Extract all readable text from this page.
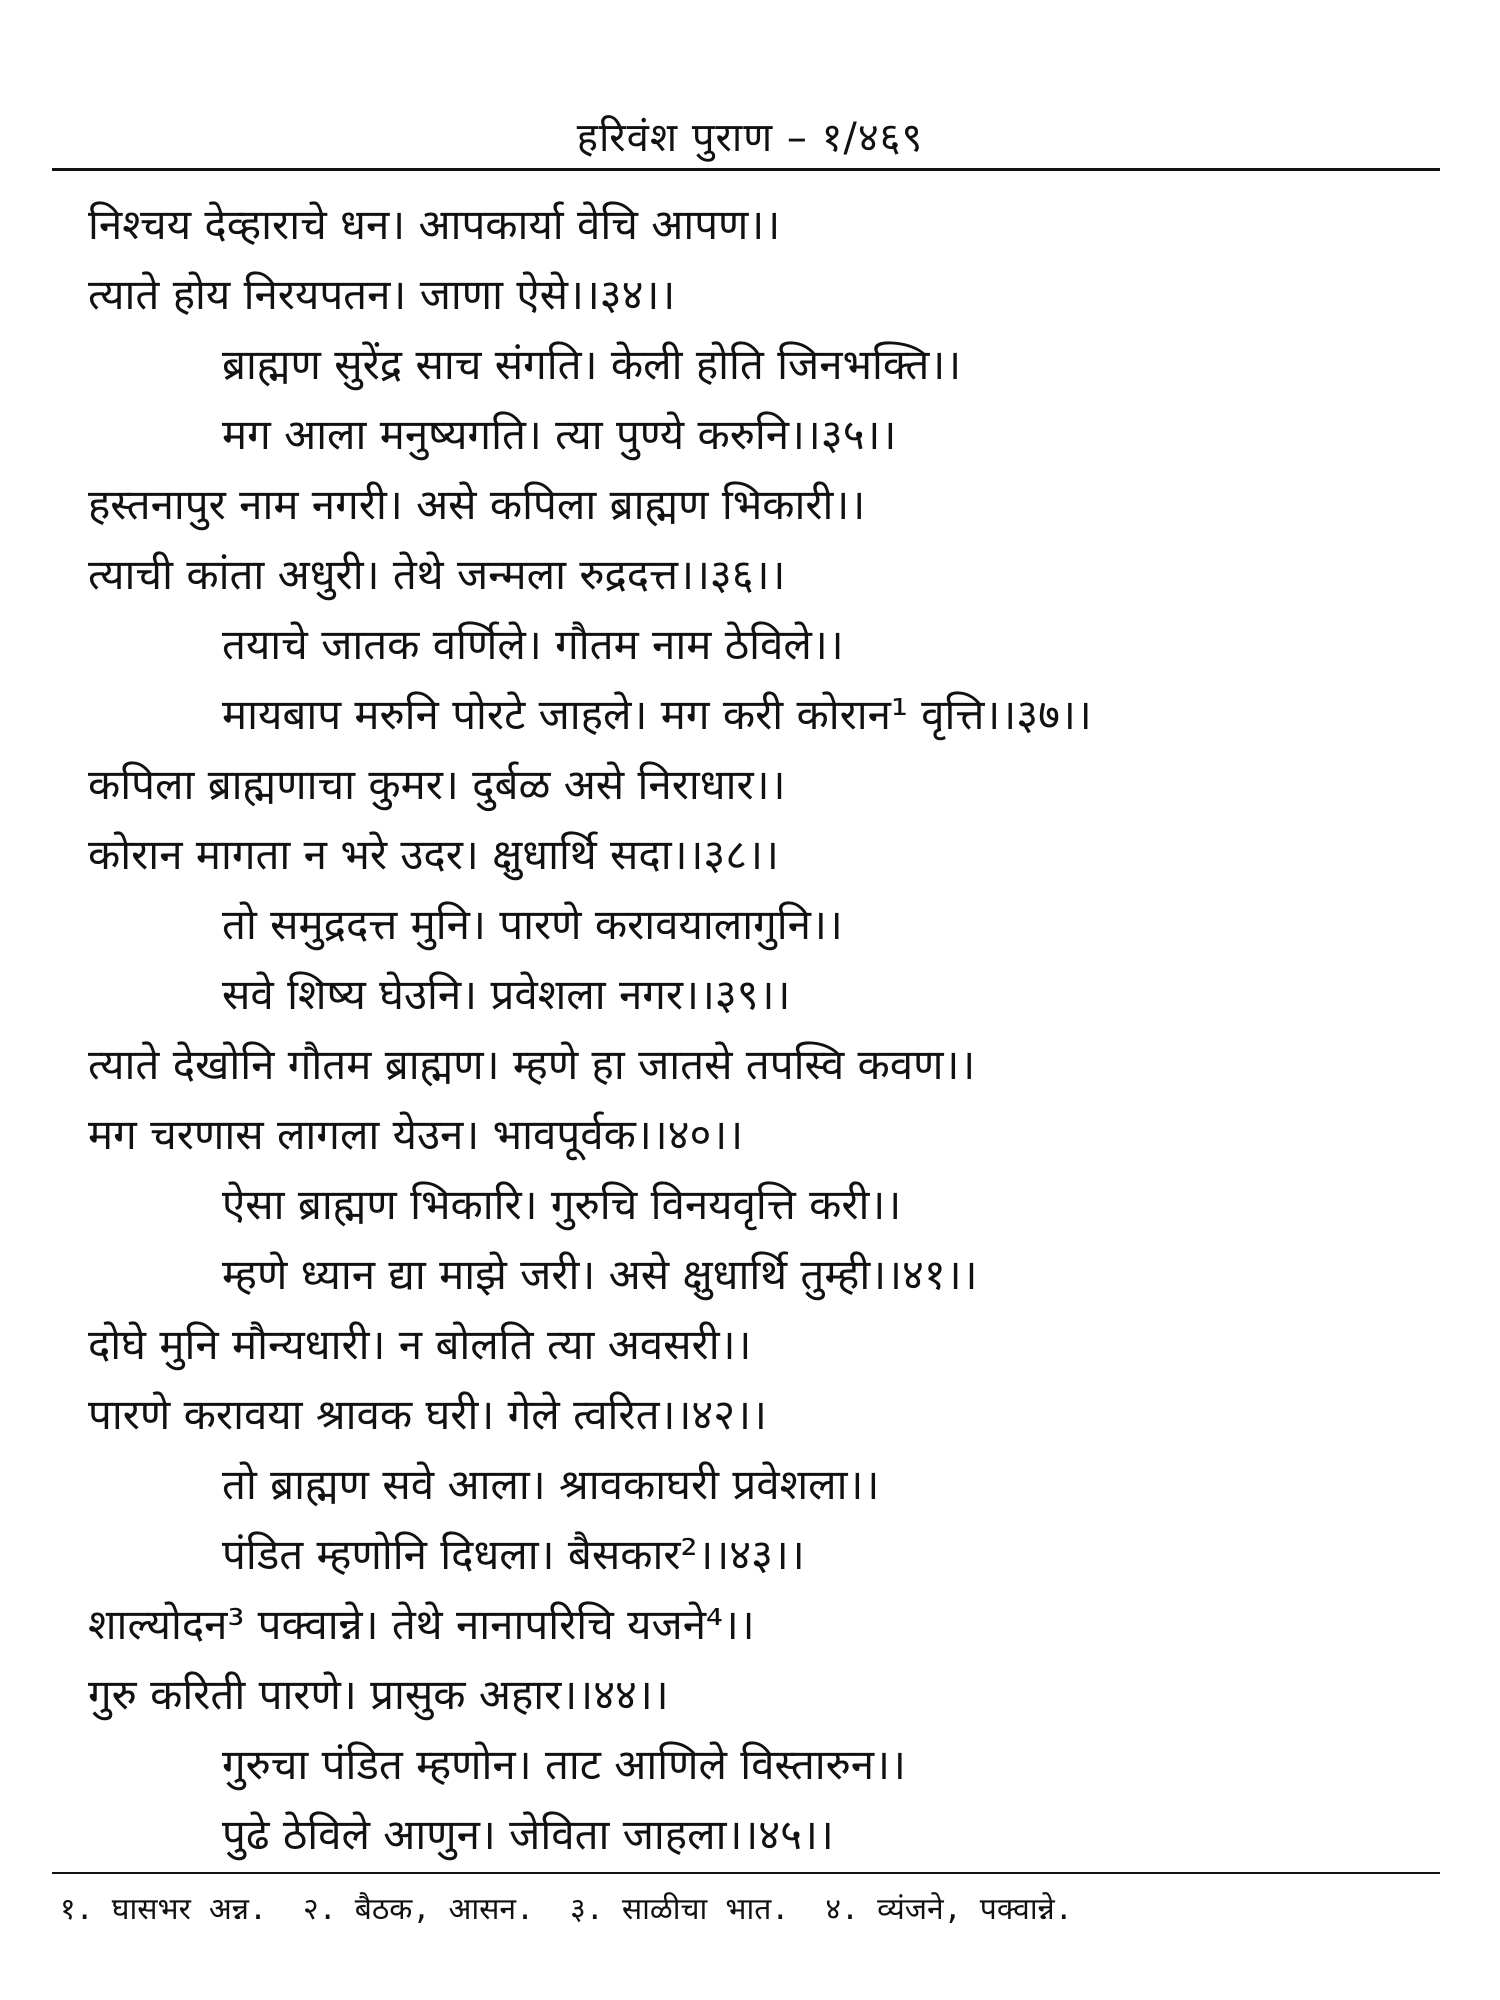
हरिवंश पुराण – १/४६९
निश्चय देव्हाराचे धन। आपकार्या वेचि आपण।।
त्याते होय निरयपतन। जाणा ऐसे।।३४।।
ब्राह्मण सुरेंद्र साच संगति। केली होति जिनभक्ति।।
मग आला मनुष्यगति। त्या पुण्ये करुनि।।३५।।
हस्तनापुर नाम नगरी। असे कपिला ब्राह्मण भिकारी।।
त्याची कांता अधुरी। तेथे जन्मला रुद्रदत्त।।३६।।
तयाचे जातक वर्णिले। गौतम नाम ठेविले।।
मायबाप मरुनि पोरटे जाहले। मग करी कोरान¹ वृत्ति।।३७।।
कपिला ब्राह्मणाचा कुमर। दुर्बळ असे निराधार।।
कोरान मागता न भरे उदर। क्षुधार्थि सदा।।३८।।
तो समुद्रदत्त मुनि। पारणे करावयालागुनि।।
सवे शिष्य घेउनि। प्रवेशला नगर।।३९।।
त्याते देखोनि गौतम ब्राह्मण। म्हणे हा जातसे तपस्वि कवण।।
मग चरणास लागला येउन। भावपूर्वक।।४०।।
ऐसा ब्राह्मण भिकारि। गुरुचि विनयवृत्ति करी।।
म्हणे ध्यान द्या माझे जरी। असे क्षुधार्थि तुम्ही।।४१।।
दोघे मुनि मौन्यधारी। न बोलति त्या अवसरी।।
पारणे करावया श्रावक घरी। गेले त्वरित।।४२।।
तो ब्राह्मण सवे आला। श्रावकाघरी प्रवेशला।।
पंडित म्हणोनि दिधला। बैसकार²।।४३।।
शाल्योदन³ पक्वान्ने। तेथे नानापरिचि यजने⁴।।
गुरु करिती पारणे। प्रासुक अहार।।४४।।
गुरुचा पंडित म्हणोन। ताट आणिले विस्तारुन।।
पुढे ठेविले आणुन। जेविता जाहला।।४५।।
१. घासभर अन्न. २. बैठक, आसन. ३. साळीचा भात. ४. व्यंजने, पक्वान्ने.
